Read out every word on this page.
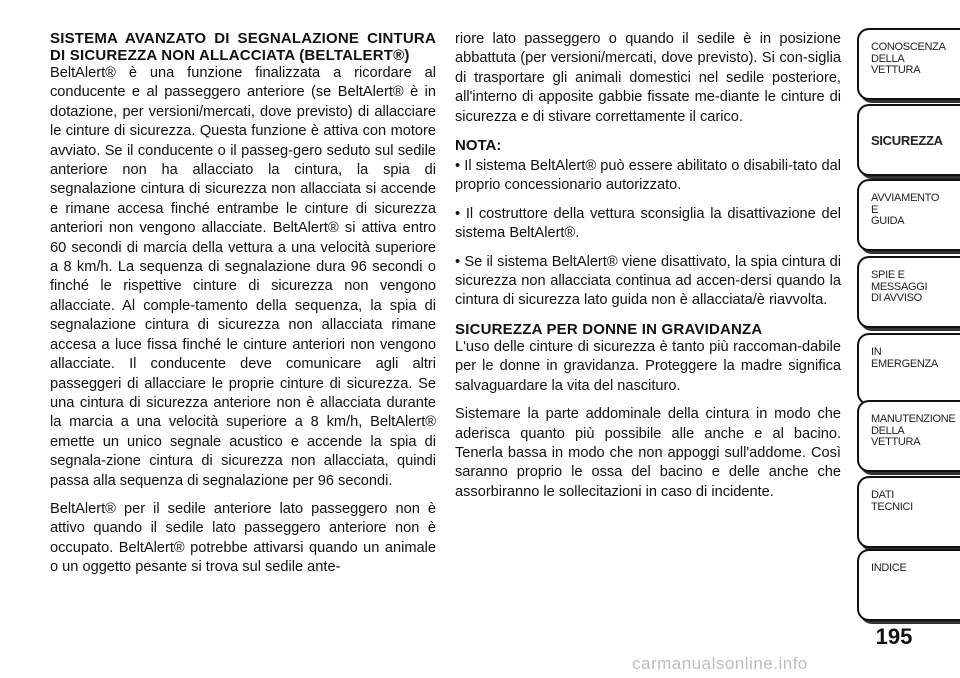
SISTEMA AVANZATO DI SEGNALAZIONE CINTURA DI SICUREZZA NON ALLACCIATA (BELTALERT®)

BeltAlert® è una funzione finalizzata a ricordare al conducente e al passeggero anteriore (se BeltAlert® è in dotazione, per versioni/mercati, dove previsto) di allacciare le cinture di sicurezza. Questa funzione è attiva con motore avviato. Se il conducente o il passeg-gero seduto sul sedile anteriore non ha allacciato la cintura, la spia di segnalazione cintura di sicurezza non allacciata si accende e rimane accesa finché entrambe le cinture di sicurezza anteriori non vengono allacciate. BeltAlert® si attiva entro 60 secondi di marcia della vettura a una velocità superiore a 8 km/h. La sequenza di segnalazione dura 96 secondi o finché le rispettive cinture di sicurezza non vengono allacciate. Al comple-tamento della sequenza, la spia di segnalazione cintura di sicurezza non allacciata rimane accesa a luce fissa finché le cinture anteriori non vengono allacciate. Il conducente deve comunicare agli altri passeggeri di allacciare le proprie cinture di sicurezza. Se una cintura di sicurezza anteriore non è allacciata durante la marcia a una velocità superiore a 8 km/h, BeltAlert® emette un unico segnale acustico e accende la spia di segnala-zione cintura di sicurezza non allacciata, quindi passa alla sequenza di segnalazione per 96 secondi.

BeltAlert® per il sedile anteriore lato passeggero non è attivo quando il sedile lato passeggero anteriore non è occupato. BeltAlert® potrebbe attivarsi quando un animale o un oggetto pesante si trova sul sedile ante-

riore lato passeggero o quando il sedile è in posizione abbattuta (per versioni/mercati, dove previsto). Si con-siglia di trasportare gli animali domestici nel sedile posteriore, all'interno di apposite gabbie fissate me-diante le cinture di sicurezza e di stivare correttamente il carico.

NOTA:

• Il sistema BeltAlert® può essere abilitato o disabili-tato dal proprio concessionario autorizzato.

• Il costruttore della vettura sconsiglia la disattivazione del sistema BeltAlert®.

• Se il sistema BeltAlert® viene disattivato, la spia cintura di sicurezza non allacciata continua ad accen-dersi quando la cintura di sicurezza lato guida non è allacciata/è riavvolta.

SICUREZZA PER DONNE IN GRAVIDANZA

L'uso delle cinture di sicurezza è tanto più raccoman-dabile per le donne in gravidanza. Proteggere la madre significa salvaguardare la vita del nascituro.

Sistemare la parte addominale della cintura in modo che aderisca quanto più possibile alle anche e al bacino. Tenerla bassa in modo che non appoggi sull'addome. Così saranno proprio le ossa del bacino e delle anche che assorbiranno le sollecitazioni in caso di incidente.

CONOSCENZA
DELLA
VETTURA
SICUREZZA
AVVIAMENTO
E
GUIDA
SPIE E
MESSAGGI
DI AVVISO
IN
EMERGENZA
MANUTENZIONE
DELLA
VETTURA
DATI
TECNICI
INDICE
195
carmanualsonline.info
